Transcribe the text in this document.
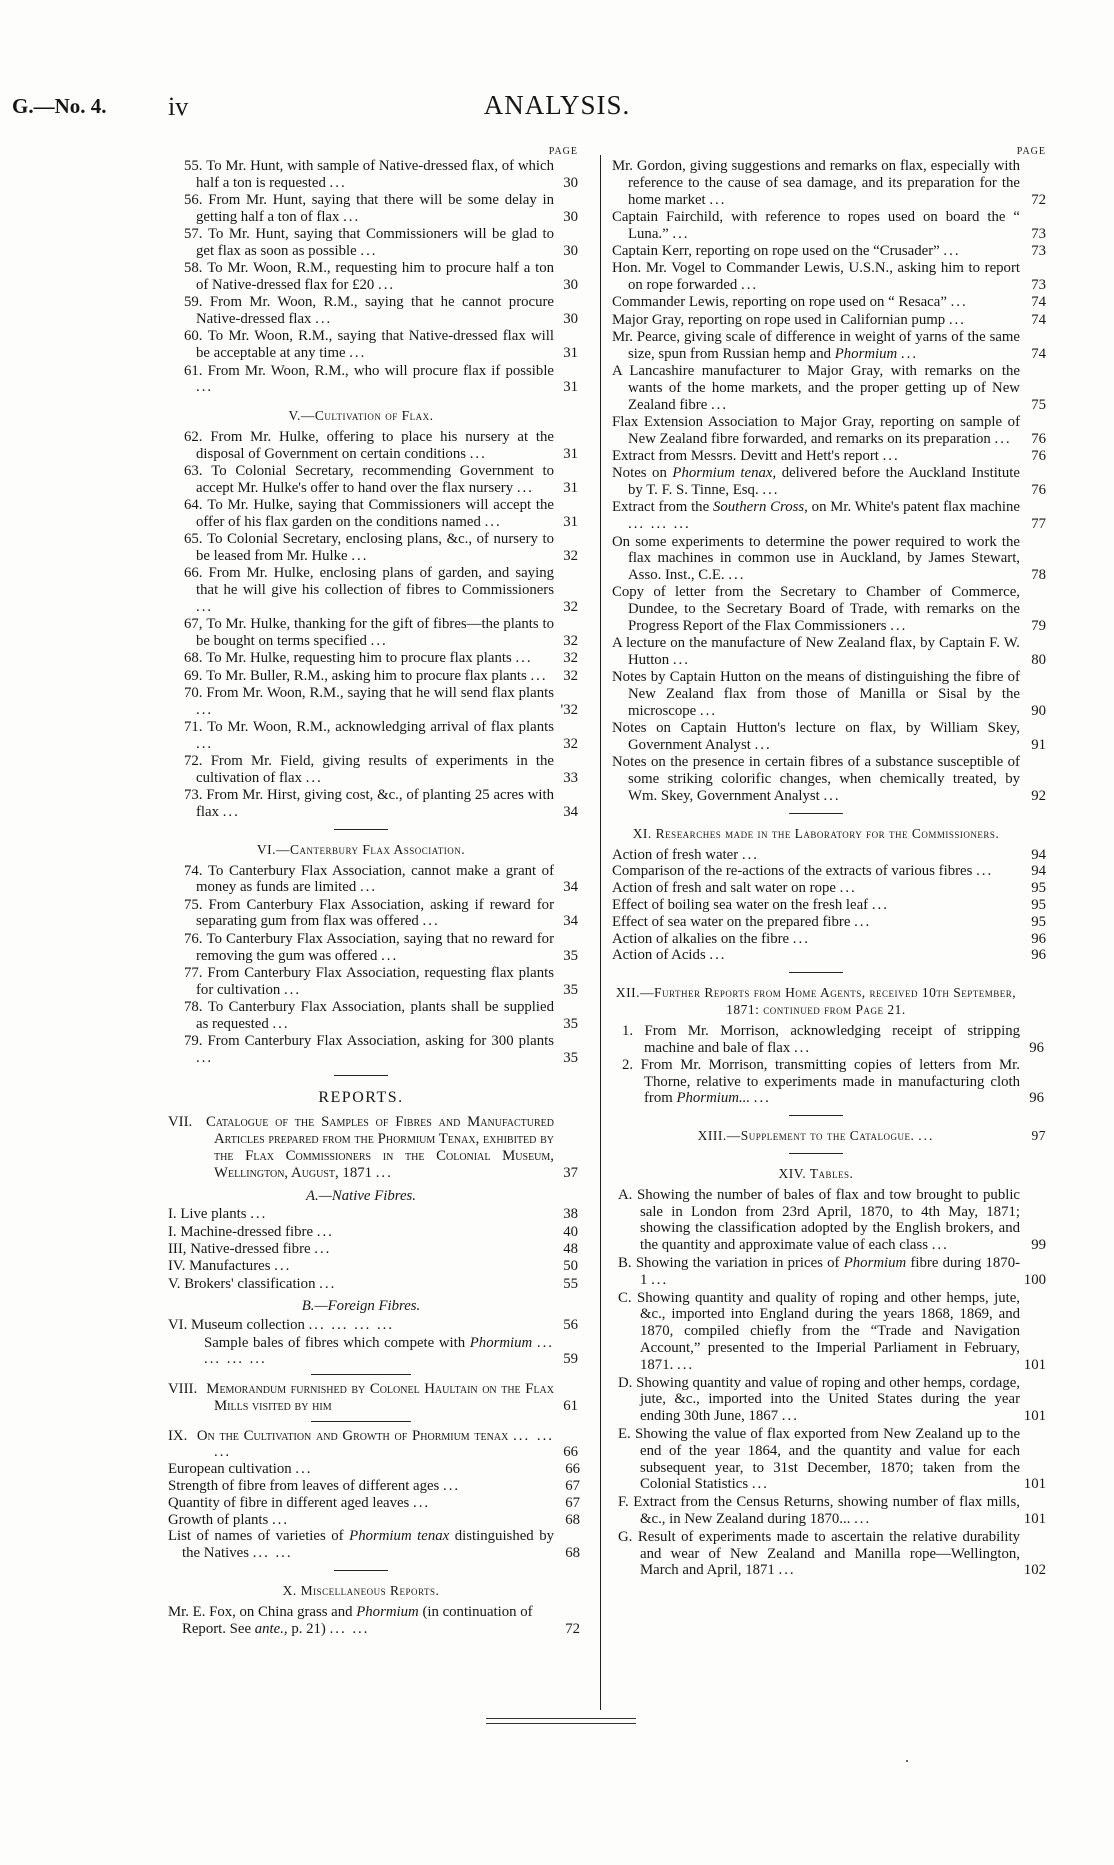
G.—No. 4. iv	ANALYSIS.
PAGE
55. To Mr. Hunt, with sample of Native-dressed flax, of which half a ton is requested ...	30
56. From Mr. Hunt, saying that there will be some delay in getting half a ton of flax ...	30
57. To Mr. Hunt, saying that Commissioners will be glad to get flax as soon as possible ...	30
58. To Mr. Woon, R.M., requesting him to procure half a ton of Native-dressed flax for £20 ...	30
59. From Mr. Woon, R.M., saying that he cannot procure Native-dressed flax ...	30
60. To Mr. Woon, R.M., saying that Native-dressed flax will be acceptable at any time ...	31
61. From Mr. Woon, R.M., who will procure flax if possible ...	31
V.—Cultivation of Flax.
62. From Mr. Hulke, offering to place his nursery at the disposal of Government on certain conditions ...	31
63. To Colonial Secretary, recommending Government to accept Mr. Hulke's offer to hand over the flax nursery ... 31
64. To Mr. Hulke, saying that Commissioners will accept the offer of his flax garden on the conditions named ...	31
65. To Colonial Secretary, enclosing plans, &c., of nursery to be leased from Mr. Hulke ...	32
66. From Mr. Hulke, enclosing plans of garden, and saying that he will give his collection of fibres to Commissioners ...	32
67, To Mr. Hulke, thanking for the gift of fibres—the plants to be bought on terms specified ...	32
68. To Mr. Hulke, requesting him to procure flax plants ... 32
69. To Mr. Buller, R.M., asking him to procure flax plants ... 32
70. From Mr. Woon, R.M., saying that he will send flax plants ...	'32
71. To Mr. Woon, R.M., acknowledging arrival of flax plants ...	32
72. From Mr. Field, giving results of experiments in the cultivation of flax ...	33
73. From Mr. Hirst, giving cost, &c., of planting 25 acres with flax ...	34
VI.—Canterbury Flax Association.
74. To Canterbury Flax Association, cannot make a grant of money as funds are limited ...	34
75. From Canterbury Flax Association, asking if reward for separating gum from flax was offered ...	34
76. To Canterbury Flax Association, saying that no reward for removing the gum was offered ...	35
77. From Canterbury Flax Association, requesting flax plants for cultivation ...	35
78. To Canterbury Flax Association, plants shall be supplied as requested ...	35
79. From Canterbury Flax Association, asking for 300 plants ...	35
REPORTS.
VII. Catalogue of the Samples of Fibres and Manufactured Articles prepared from the Phormium Tenax, exhibited by the Flax Commissioners in the Colonial Museum, Wellington, August, 1871 ...	37
A.—Native Fibres.
I. Live plants ...	38
I. Machine-dressed fibre ...	40
III, Native-dressed fibre ...	48
IV. Manufactures ...	50
V. Brokers' classification ...	55
B.—Foreign Fibres.
VI. Museum collection ... ... ... ...	56
Sample bales of fibres which compete with Phormium ... ... ... ...	59
VIII. Memorandum furnished by Colonel Haultain on the Flax Mills visited by him	61
IX. On the Cultivation and Growth of Phormium tenax ... ... ...	66
European cultivation ...	66
Strength of fibre from leaves of different ages ...	67
Quantity of fibre in different aged leaves ...	67
Growth of plants ...	68
List of names of varieties of Phormium tenax distinguished by the Natives ... ...	68
X. Miscellaneous Reports.
Mr. E. Fox, on China grass and Phormium (in continuation of Report. See ante., p. 21) ... ...	72
PAGE
Mr. Gordon, giving suggestions and remarks on flax, especially with reference to the cause of sea damage, and its preparation for the home market ...	72
Captain Fairchild, with reference to ropes used on board the “ Luna.” ...	73
Captain Kerr, reporting on rope used on the “Crusader” ...	73
Hon. Mr. Vogel to Commander Lewis, U.S.N., asking him to report on rope forwarded ...	73
Commander Lewis, reporting on rope used on “ Resaca” ...	74
Major Gray, reporting on rope used in Californian pump ...	74
Mr. Pearce, giving scale of difference in weight of yarns of the same size, spun from Russian hemp and Phormium ...	74
A Lancashire manufacturer to Major Gray, with remarks on the wants of the home markets, and the proper getting up of New Zealand fibre ...	75
Flax Extension Association to Major Gray, reporting on sample of New Zealand fibre forwarded, and remarks on its preparation ... 76
Extract from Messrs. Devitt and Hett's report ...	76
Notes on Phormium tenax, delivered before the Auckland Institute by T. F. S. Tinne, Esq. ...	76
Extract from the Southern Cross, on Mr. White's patent flax machine ... ... ...	77
On some experiments to determine the power required to work the flax machines in common use in Auckland, by James Stewart, Asso. Inst., C.E. ...	78
Copy of letter from the Secretary to Chamber of Commerce, Dundee, to the Secretary Board of Trade, with remarks on the Progress Report of the Flax Commissioners ...	79
A lecture on the manufacture of New Zealand flax, by Captain F. W. Hutton ...	80
Notes by Captain Hutton on the means of distinguishing the fibre of New Zealand flax from those of Manilla or Sisal by the microscope ...	90
Notes on Captain Hutton's lecture on flax, by William Skey, Government Analyst ...	91
Notes on the presence in certain fibres of a substance susceptible of some striking colorific changes, when chemically treated, by Wm. Skey, Government Analyst ...	92
XI. Researches made in the Laboratory for the Commissioners.
Action of fresh water ...	94
Comparison of the re-actions of the extracts of various fibres ...	94
Action of fresh and salt water on rope ...	95
Effect of boiling sea water on the fresh leaf ...	95
Effect of sea water on the prepared fibre ...	95
Action of alkalies on the fibre ...	96
Action of Acids ...	96
XII.—Further Reports from Home Agents, received 10th September, 1871: continued from Page 21.
1. From Mr. Morrison, acknowledging receipt of stripping machine and bale of flax ...	96
2. From Mr. Morrison, transmitting copies of letters from Mr. Thorne, relative to experiments made in manufacturing cloth from Phormium... ...	96
XIII.—Supplement to the Catalogue. ...	97
XIV. Tables.
A. Showing the number of bales of flax and tow brought to public sale in London from 23rd April, 1870, to 4th May, 1871; showing the classification adopted by the English brokers, and the quantity and approximate value of each class ...	99
B. Showing the variation in prices of Phormium fibre during 1870-1 ...	100
C. Showing quantity and quality of roping and other hemps, jute, &c., imported into England during the years 1868, 1869, and 1870, compiled chiefly from the “Trade and Navigation Account,” presented to the Imperial Parliament in February, 1871. ...	101
D. Showing quantity and value of roping and other hemps, cordage, jute, &c., imported into the United States during the year ending 30th June, 1867 ...	101
E. Showing the value of flax exported from New Zealand up to the end of the year 1864, and the quantity and value for each subsequent year, to 31st December, 1870; taken from the Colonial Statistics ...	101
F. Extract from the Census Returns, showing number of flax mills, &c., in New Zealand during 1870... ...	101
G. Result of experiments made to ascertain the relative durability and wear of New Zealand and Manilla rope—Wellington, March and April, 1871 ...	102
